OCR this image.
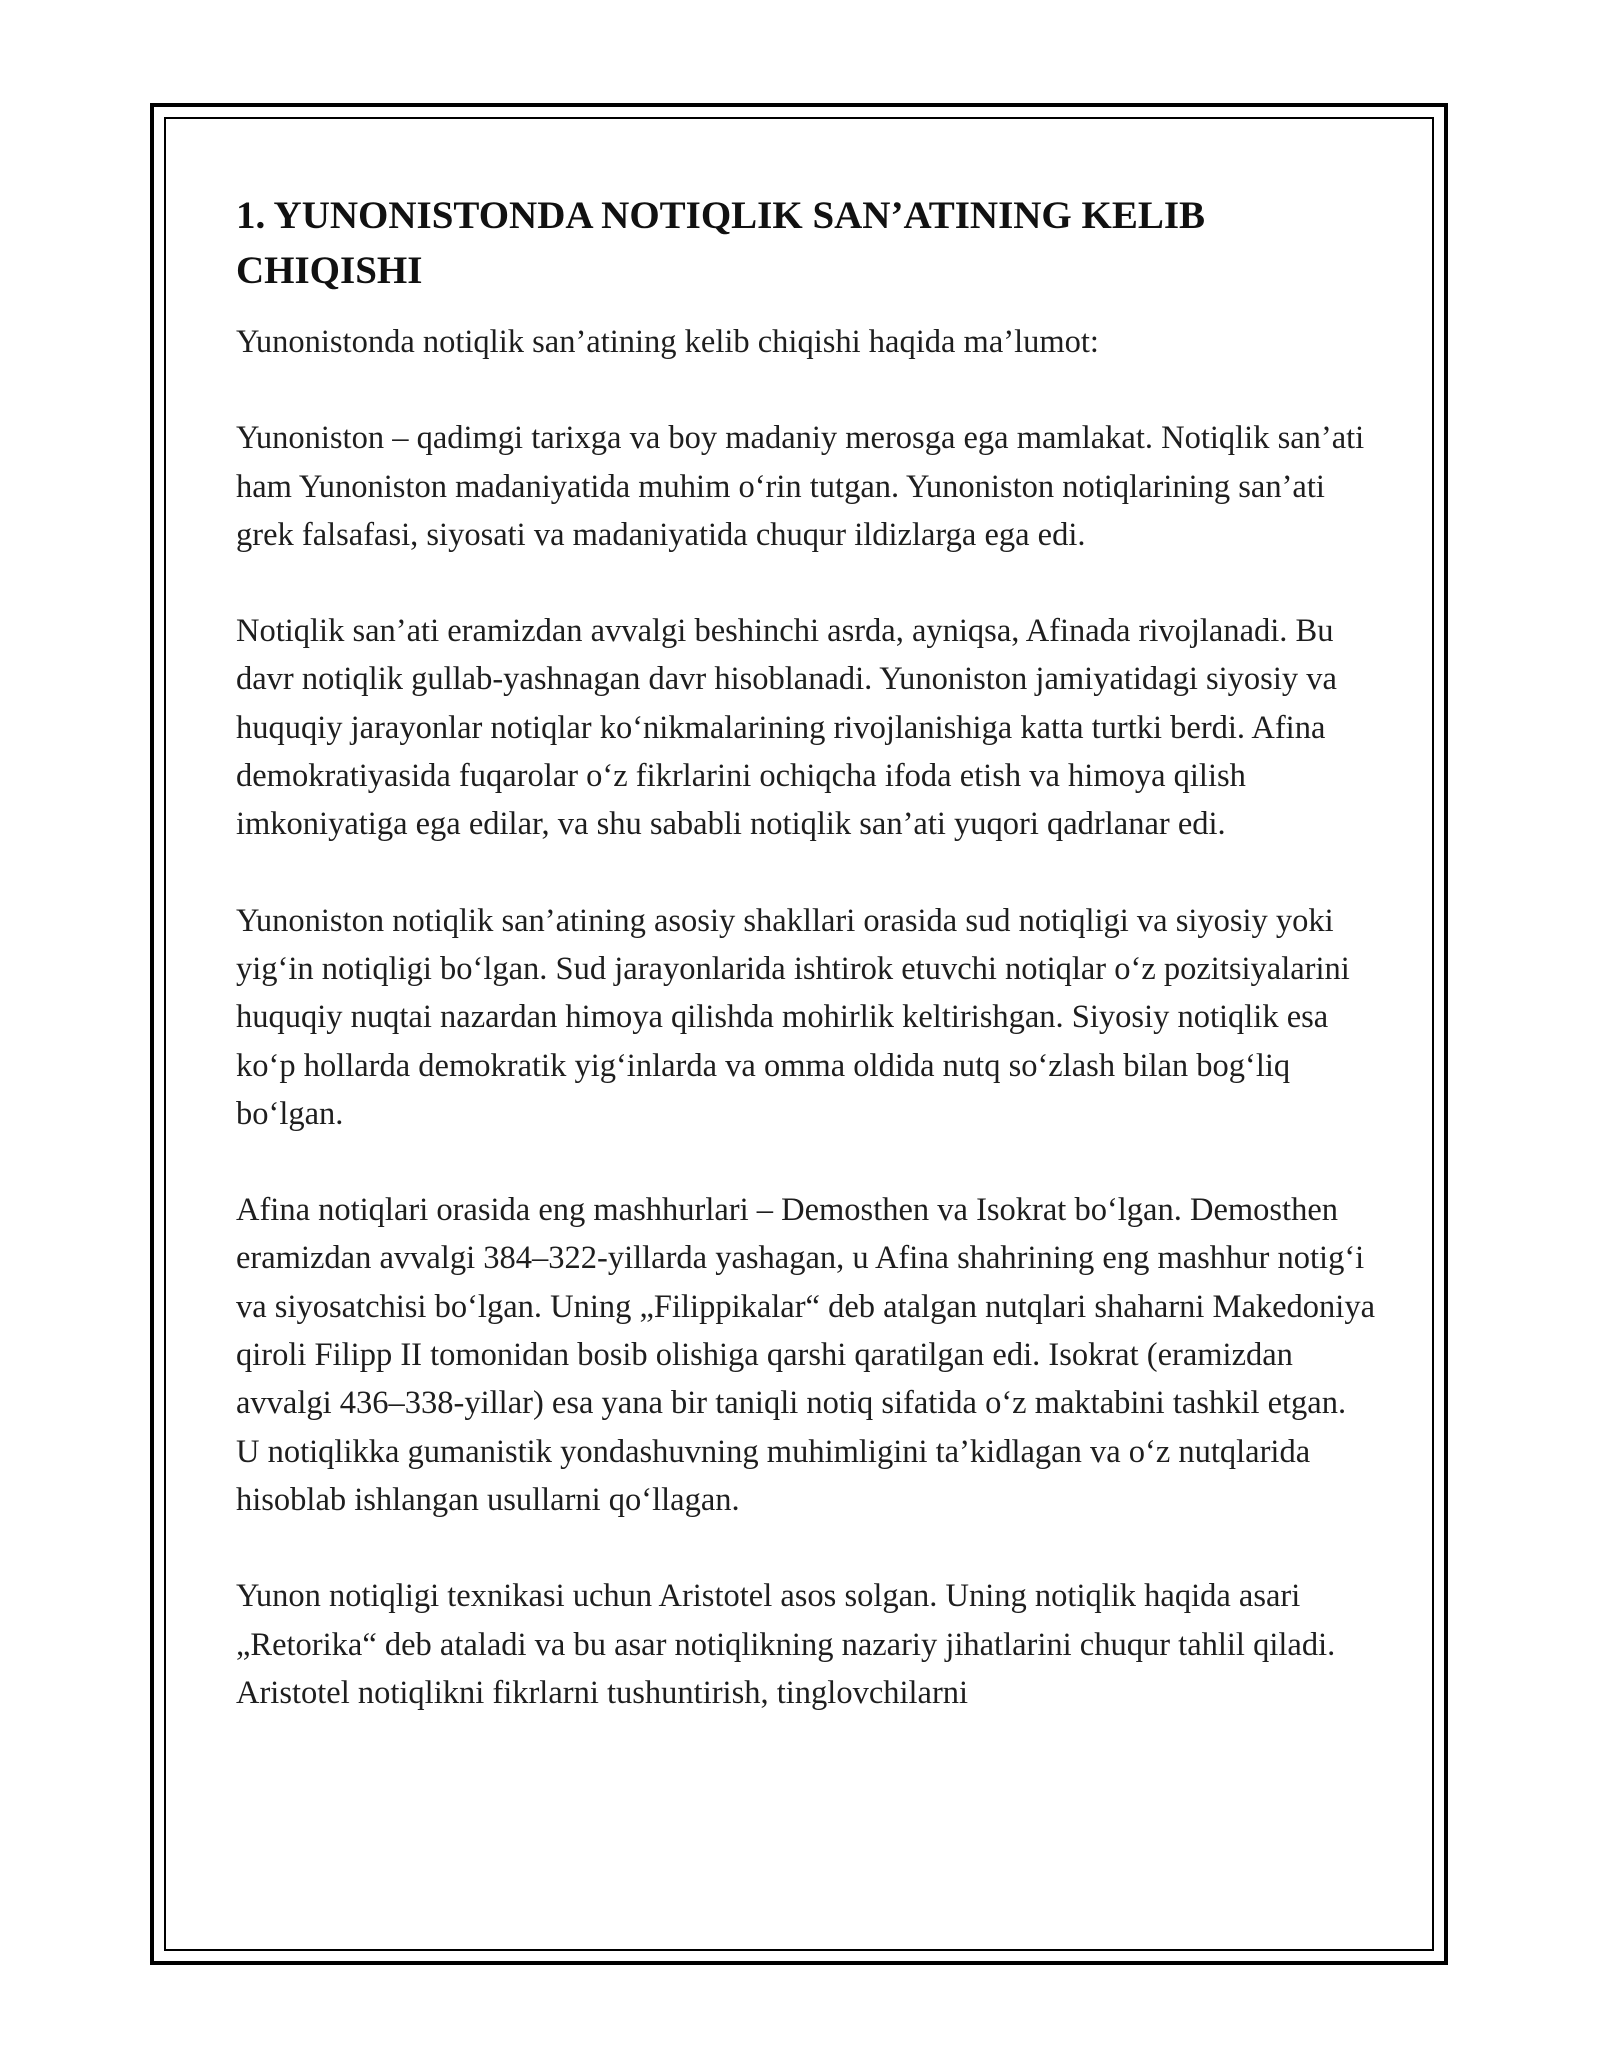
1. YUNONISTONDA NOTIQLIK SAN’ATINING KELIB CHIQISHI

Yunonistonda notiqlik san’atining kelib chiqishi haqida ma’lumot:

Yunoniston – qadimgi tarixga va boy madaniy merosga ega mamlakat. Notiqlik san’ati ham Yunoniston madaniyatida muhim o‘rin tutgan. Yunoniston notiqlarining san’ati grek falsafasi, siyosati va madaniyatida chuqur ildizlarga ega edi.

Notiqlik san’ati eramizdan avvalgi beshinchi asrda, ayniqsa, Afinada rivojlanadi. Bu davr notiqlik gullab-yashnagan davr hisoblanadi. Yunoniston jamiyatidagi siyosiy va huquqiy jarayonlar notiqlar ko‘nikmalarining rivojlanishiga katta turtki berdi. Afina demokratiyasida fuqarolar o‘z fikrlarini ochiqcha ifoda etish va himoya qilish imkoniyatiga ega edilar, va shu sababli notiqlik san’ati yuqori qadrlanar edi.

Yunoniston notiqlik san’atining asosiy shakllari orasida sud notiqligi va siyosiy yoki yig‘in notiqligi bo‘lgan. Sud jarayonlarida ishtirok etuvchi notiqlar o‘z pozitsiyalarini huquqiy nuqtai nazardan himoya qilishda mohirlik keltirishgan. Siyosiy notiqlik esa ko‘p hollarda demokratik yig‘inlarda va omma oldida nutq so‘zlash bilan bog‘liq bo‘lgan.

Afina notiqlari orasida eng mashhurlari – Demosthen va Isokrat bo‘lgan. Demosthen eramizdan avvalgi 384–322-yillarda yashagan, u Afina shahrining eng mashhur notig‘i va siyosatchisi bo‘lgan. Uning „Filippikalar“ deb atalgan nutqlari shaharni Makedoniya qiroli Filipp II tomonidan bosib olishiga qarshi qaratilgan edi. Isokrat (eramizdan avvalgi 436–338-yillar) esa yana bir taniqli notiq sifatida o‘z maktabini tashkil etgan. U notiqlikka gumanistik yondashuvning muhimligini ta’kidlagan va o‘z nutqlarida hisoblab ishlangan usullarni qo‘llagan.

Yunon notiqligi texnikasi uchun Aristotel asos solgan. Uning notiqlik haqida asari „Retorika“ deb ataladi va bu asar notiqlikning nazariy jihatlarini chuqur tahlil qiladi. Aristotel notiqlikni fikrlarni tushuntirish, tinglovchilarni
